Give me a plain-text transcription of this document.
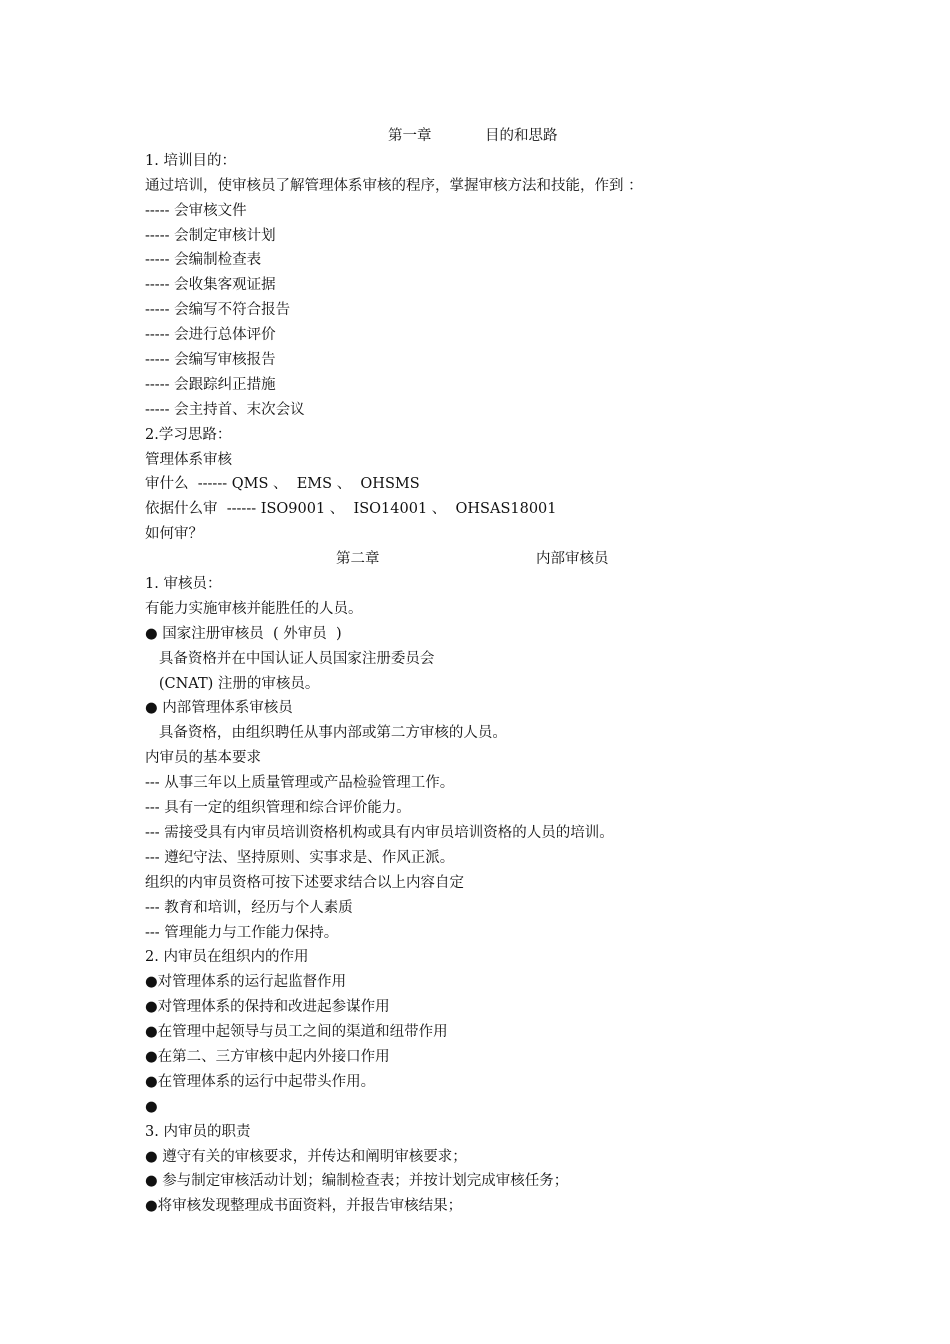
第一章

	目的和思路

1. 培训目的：
通过培训，使审核员了解管理体系审核的程序，掌握审核方法和技能，作到 ：
----- 会审核文件
----- 会制定审核计划
----- 会编制检查表
----- 会收集客观证据
----- 会编写不符合报告
----- 会进行总体评价
----- 会编写审核报告
----- 会跟踪纠正措施
----- 会主持首、末次会议
2.学习思路：
管理体系审核
审什么  ------ QMS 、  EMS 、  OHSMS
依据什么审  ------ ISO9001 、  ISO14001 、  OHSAS18001
如何审？

第二章

	内部审核员

1. 审核员：
有能力实施审核并能胜任的人员。
● 国家注册审核员  ( 外审员  )
具备资格并在中国认证人员国家注册委员会
(CNAT) 注册的审核员。
● 内部管理体系审核员
具备资格，由组织聘任从事内部或第二方审核的人员。
内审员的基本要求
--- 从事三年以上质量管理或产品检验管理工作。
--- 具有一定的组织管理和综合评价能力。
--- 需接受具有内审员培训资格机构或具有内审员培训资格的人员的培训。
--- 遵纪守法、坚持原则、实事求是、作风正派。
组织的内审员资格可按下述要求结合以上内容自定
--- 教育和培训，经历与个人素质
--- 管理能力与工作能力保持。
2. 内审员在组织内的作用
●对管理体系的运行起监督作用
●对管理体系的保持和改进起参谋作用
●在管理中起领导与员工之间的渠道和纽带作用
●在第二、三方审核中起内外接口作用
●在管理体系的运行中起带头作用。
●
3. 内审员的职责
● 遵守有关的审核要求，并传达和阐明审核要求；
● 参与制定审核活动计划；编制检查表；并按计划完成审核任务；
●将审核发现整理成书面资料，并报告审核结果；
